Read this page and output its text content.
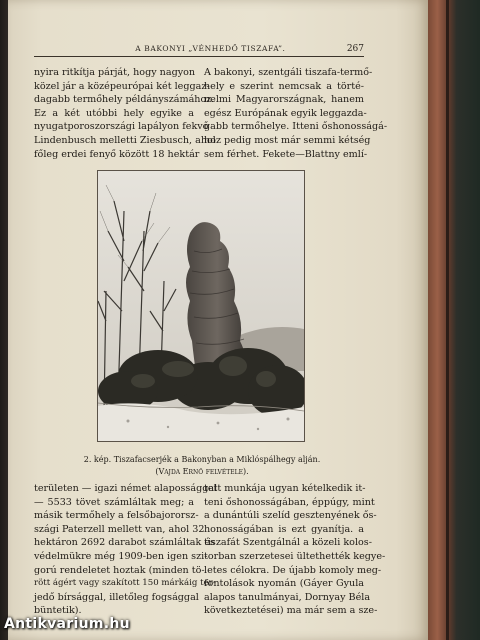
A BAKONYI „VÉNHEDŐ TISZAFA”.	267

nyira ritkítja párját, hogy nagyon

közel jár a középeurópai két leggaz-

dagabb termőhely példányszámához.

Ez a két utóbbi hely egyike a

nyugatporoszországi lapályon fekvő

Lindenbusch melletti Ziesbusch, ahol

főleg erdei fenyő között 18 hektár

A bakonyi, szentgáli tiszafa-termő-

hely e szerint nemcsak a törté-

nelmi Magyarországnak, hanem

egész Európának egyik leggazda-

gabb termőhelye. Itteni őshonosságá-

hoz pedig most már semmi kétség

sem férhet. Fekete—Blattny emlí-

2. kép. Tiszafacserjék a Bakonyban a Miklóspálhegy alján.
(Vajda Ernő felvétele).

területen — igazi német alapossággal

— 5533 tövet számláltak meg; a

másik termőhely a felsőbajororsz-

szági Paterzell mellett van, ahol 32

hektáron 2692 darabot számláltak és

védelmükre még 1909-ben igen szi-

gorú rendeletet hoztak (minden tö-

rött ágért vagy szakított 150 márkáig ter-

jedő bírsággal, illetőleg fogsággal

büntetik).

tett munkája ugyan kételkedik it-

teni őshonosságában, éppúgy, mint

a dunántúli szelíd gesztenyének ős-

honosságában is ezt gyanítja. a

tiszafát Szentgálnál a közeli kolos-

torban szerzetesei ültethették kegye-

letes célokra. De újabb komoly meg-

fontolások nyomán (Gáyer Gyula

alapos tanulmányai, Dornyay Béla

következtetései) ma már sem a sze-

Antikvarium.hu
